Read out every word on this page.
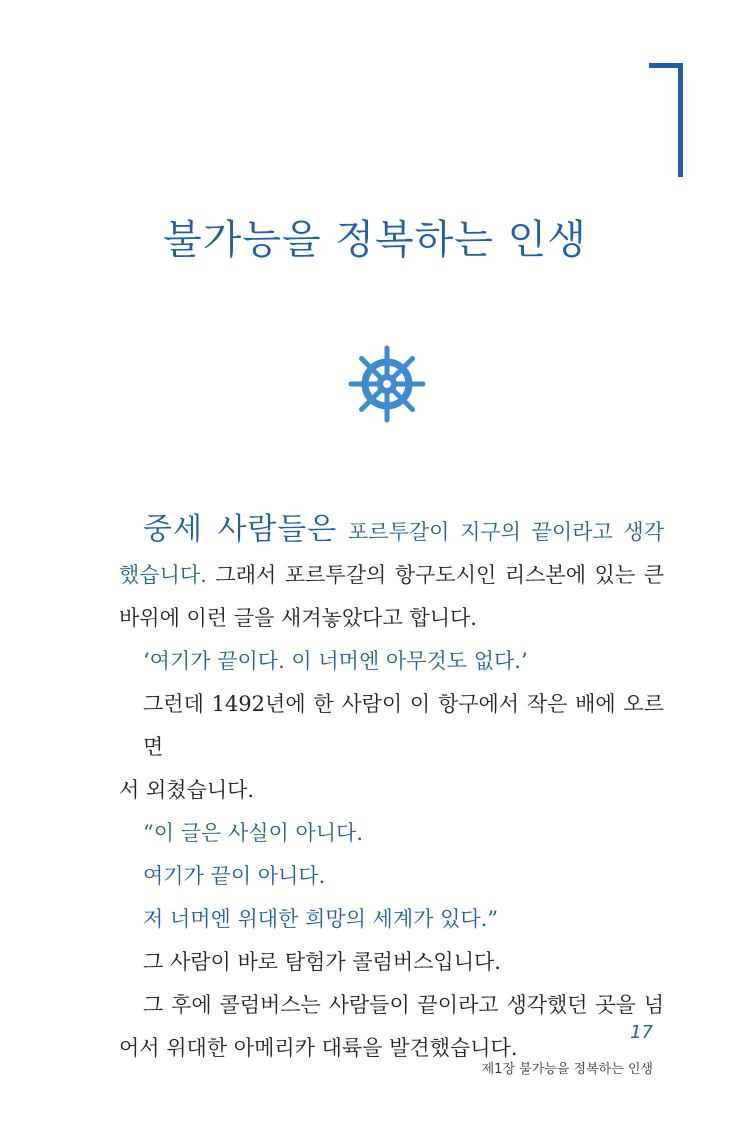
불가능을 정복하는 인생

중세 사람들은 포르투갈이 지구의 끝이라고 생각

했습니다. 그래서 포르투갈의 항구도시인 리스본에 있는 큰

바위에 이런 글을 새겨놓았다고 합니다.

‘여기가 끝이다. 이 너머엔 아무것도 없다.’

그런데 1492년에 한 사람이 이 항구에서 작은 배에 오르면

서 외쳤습니다.

“이 글은 사실이 아니다.

여기가 끝이 아니다.

저 너머엔 위대한 희망의 세계가 있다.”

그 사람이 바로 탐험가 콜럼버스입니다.

그 후에 콜럼버스는 사람들이 끝이라고 생각했던 곳을 넘

어서 위대한 아메리카 대륙을 발견했습니다.

17
제1장 불가능을 정복하는 인생
